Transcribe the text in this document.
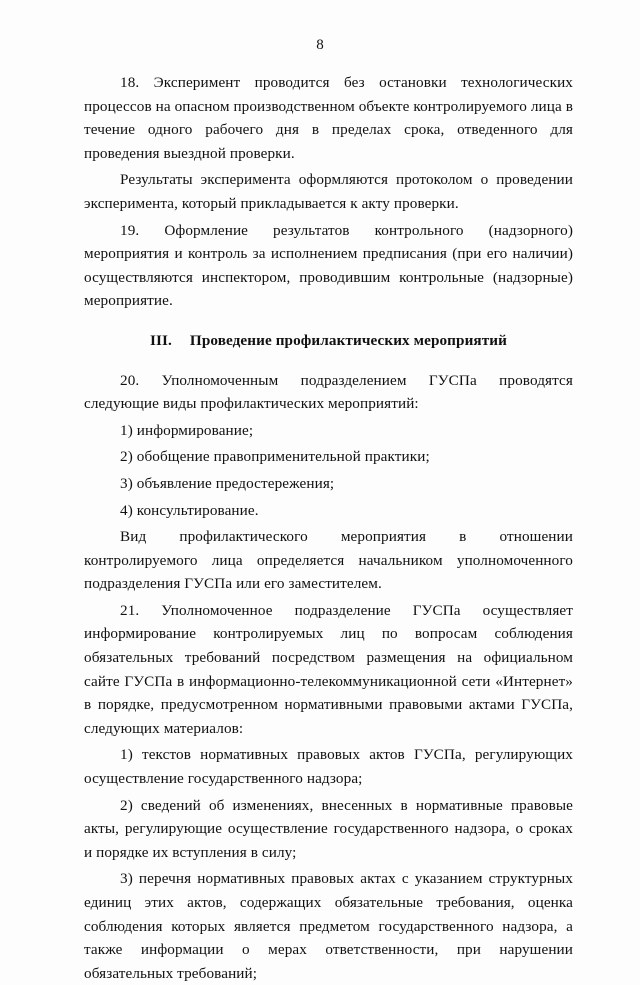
8

18. Эксперимент проводится без остановки технологических процессов на опасном производственном объекте контролируемого лица в течение одного рабочего дня в пределах срока, отведенного для проведения выездной проверки.

Результаты эксперимента оформляются протоколом о проведении эксперимента, который прикладывается к акту проверки.

19. Оформление результатов контрольного (надзорного) мероприятия и контроль за исполнением предписания (при его наличии) осуществляются инспектором, проводившим контрольные (надзорные) мероприятие.

III. Проведение профилактических мероприятий

20. Уполномоченным подразделением ГУСПа проводятся следующие виды профилактических мероприятий:

1) информирование;

2) обобщение правоприменительной практики;

3) объявление предостережения;

4) консультирование.

Вид профилактического мероприятия в отношении контролируемого лица определяется начальником уполномоченного подразделения ГУСПа или его заместителем.

21. Уполномоченное подразделение ГУСПа осуществляет информирование контролируемых лиц по вопросам соблюдения обязательных требований посредством размещения на официальном сайте ГУСПа в информационно-телекоммуникационной сети «Интернет» в порядке, предусмотренном нормативными правовыми актами ГУСПа, следующих материалов:

1) текстов нормативных правовых актов ГУСПа, регулирующих осуществление государственного надзора;

2) сведений об изменениях, внесенных в нормативные правовые акты, регулирующие осуществление государственного надзора, о сроках и порядке их вступления в силу;

3) перечня нормативных правовых актах с указанием структурных единиц этих актов, содержащих обязательные требования, оценка соблюдения которых является предметом государственного надзора, а также информации о мерах ответственности, при нарушении обязательных требований;
